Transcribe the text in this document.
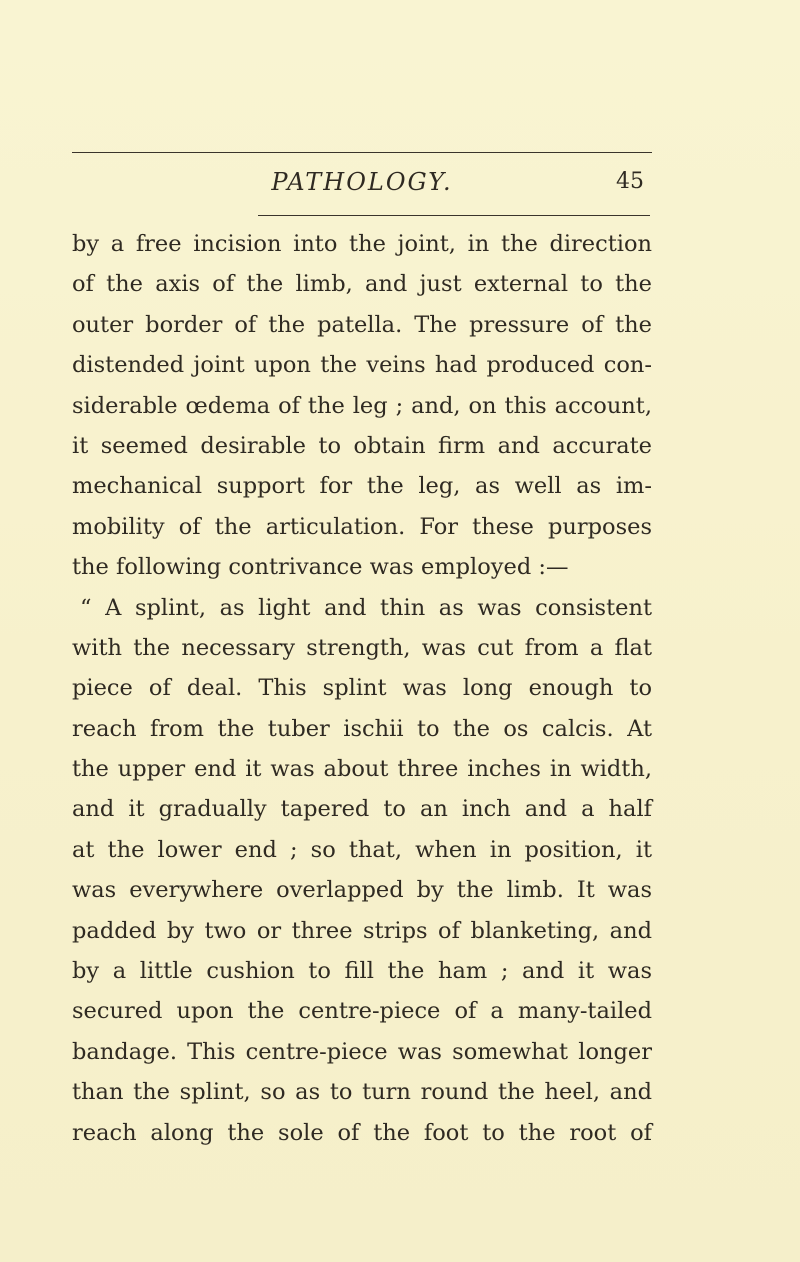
PATHOLOGY.	45
by a free incision into the joint, in the direction
of the axis of the limb, and just external to the
outer border of the patella. The pressure of the
distended joint upon the veins had produced con-
siderable œdema of the leg ; and, on this account,
it seemed desirable to obtain firm and accurate
mechanical support for the leg, as well as im-
mobility of the articulation. For these purposes
the following contrivance was employed :—
“ A splint, as light and thin as was consistent
with the necessary strength, was cut from a flat
piece of deal. This splint was long enough to
reach from the tuber ischii to the os calcis. At
the upper end it was about three inches in width,
and it gradually tapered to an inch and a half
at the lower end ; so that, when in position, it
was everywhere overlapped by the limb. It was
padded by two or three strips of blanketing, and
by a little cushion to fill the ham ; and it was
secured upon the centre-piece of a many-tailed
bandage. This centre-piece was somewhat longer
than the splint, so as to turn round the heel, and
reach along the sole of the foot to the root of
